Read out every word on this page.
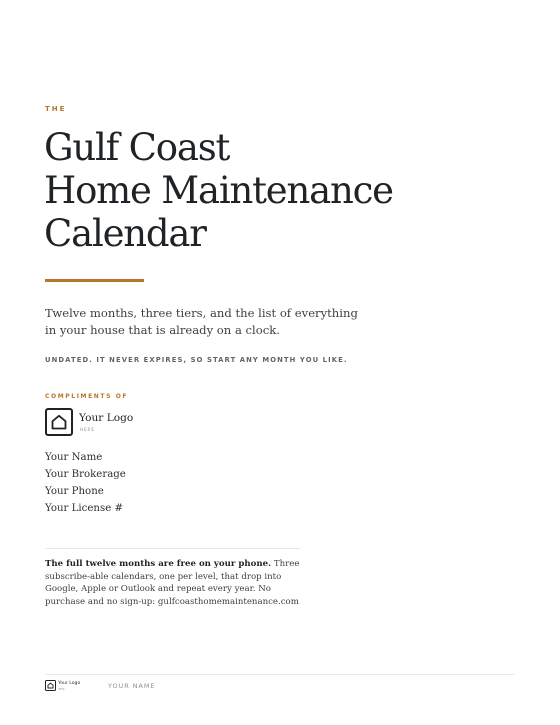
THE
Gulf Coast
Home Maintenance
Calendar

Twelve months, three tiers, and the list of everything in your house that is already on a clock.

UNDATED. IT NEVER EXPIRES, SO START ANY MONTH YOU LIKE.
COMPLIMENTS OF
Your Logo
HERE
Your Name
Your Brokerage
Your Phone
Your License #

The full twelve months are free on your phone. Three subscribe-able calendars, one per level, that drop into Google, Apple or Outlook and repeat every year. No purchase and no sign-up: gulfcoasthomemaintenance.com

Your Logo
HERE	YOUR NAME
